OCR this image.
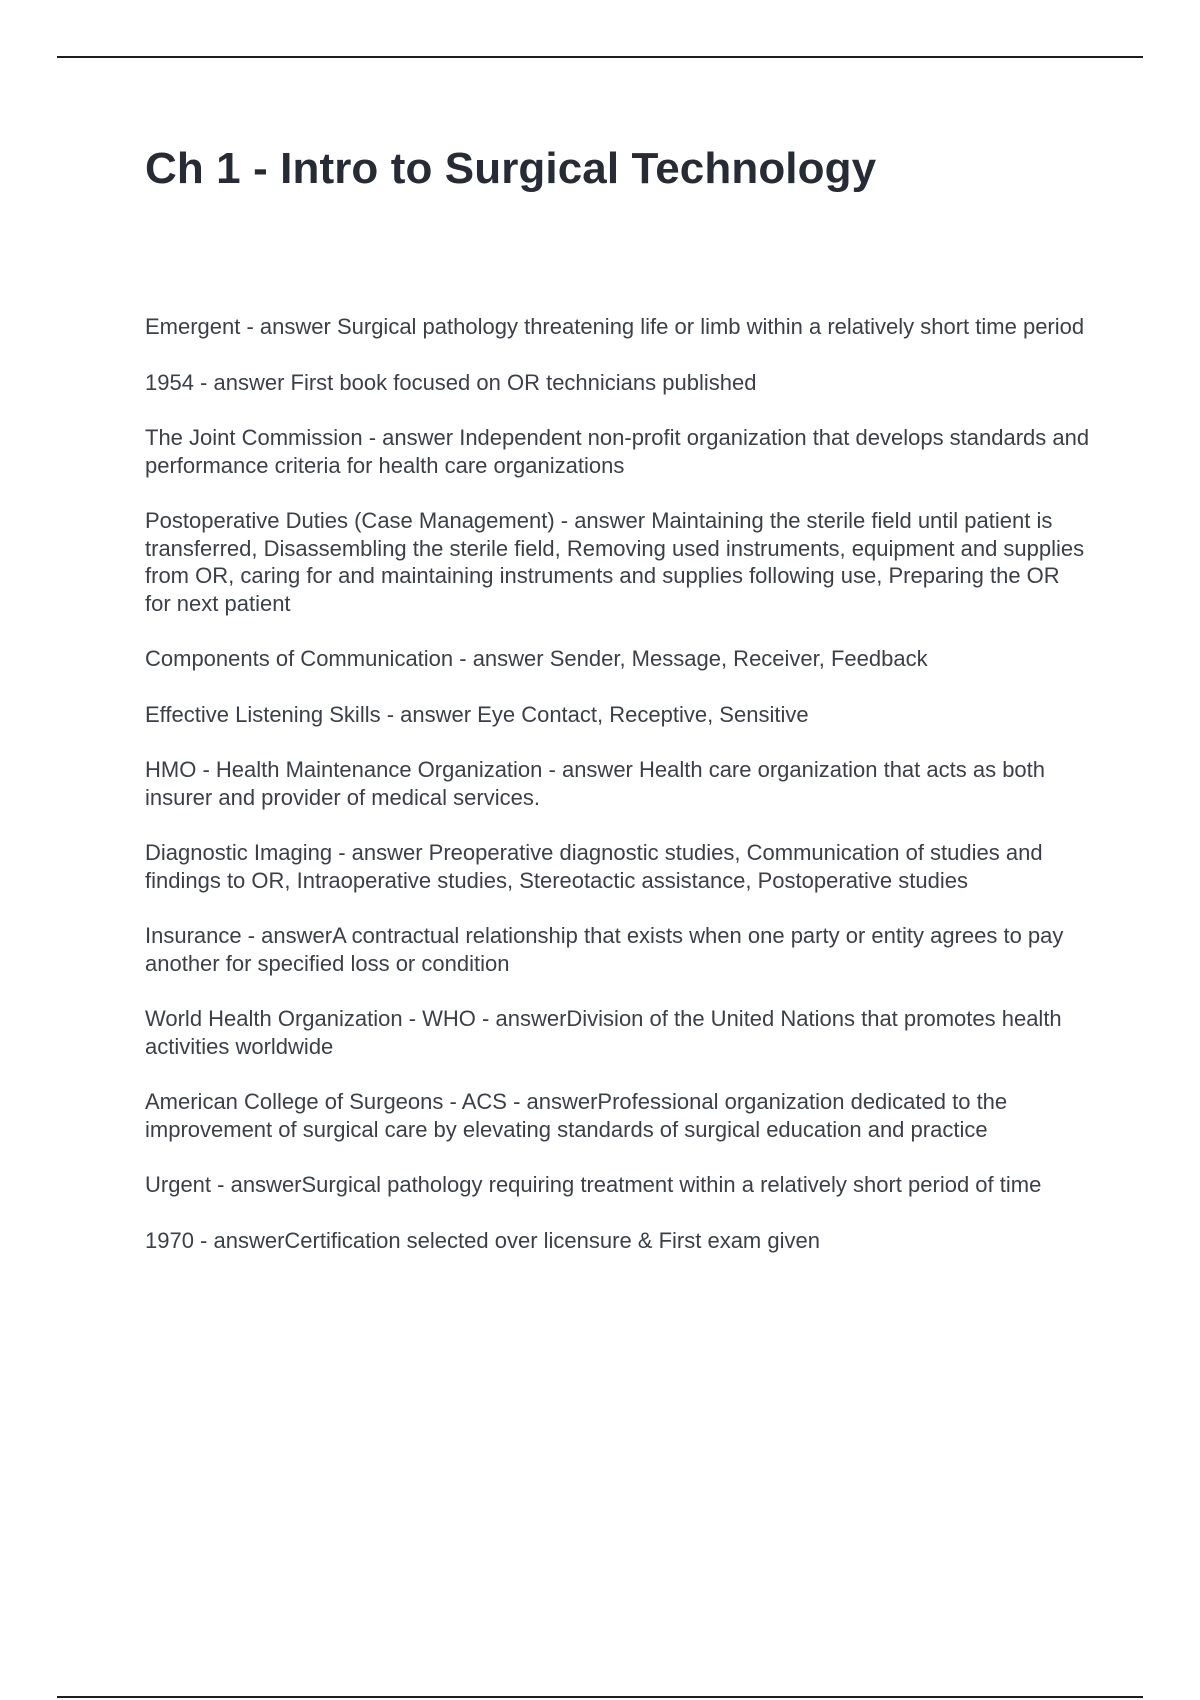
Ch 1 - Intro to Surgical Technology
Emergent - answer Surgical pathology threatening life or limb within a relatively short time period
1954 - answer First book focused on OR technicians published
The Joint Commission - answer Independent non-profit organization that develops standards and performance criteria for health care organizations
Postoperative Duties (Case Management) - answer Maintaining the sterile field until patient is transferred, Disassembling the sterile field, Removing used instruments, equipment and supplies from OR, caring for and maintaining instruments and supplies following use, Preparing the OR for next patient
Components of Communication - answer Sender, Message, Receiver, Feedback
Effective Listening Skills - answer Eye Contact, Receptive, Sensitive
HMO - Health Maintenance Organization - answer Health care organization that acts as both insurer and provider of medical services.
Diagnostic Imaging - answer Preoperative diagnostic studies, Communication of studies and findings to OR, Intraoperative studies, Stereotactic assistance, Postoperative studies
Insurance - answerA contractual relationship that exists when one party or entity agrees to pay another for specified loss or condition
World Health Organization - WHO - answerDivision of the United Nations that promotes health activities worldwide
American College of Surgeons - ACS - answerProfessional organization dedicated to the improvement of surgical care by elevating standards of surgical education and practice
Urgent - answerSurgical pathology requiring treatment within a relatively short period of time
1970 - answerCertification selected over licensure & First exam given
